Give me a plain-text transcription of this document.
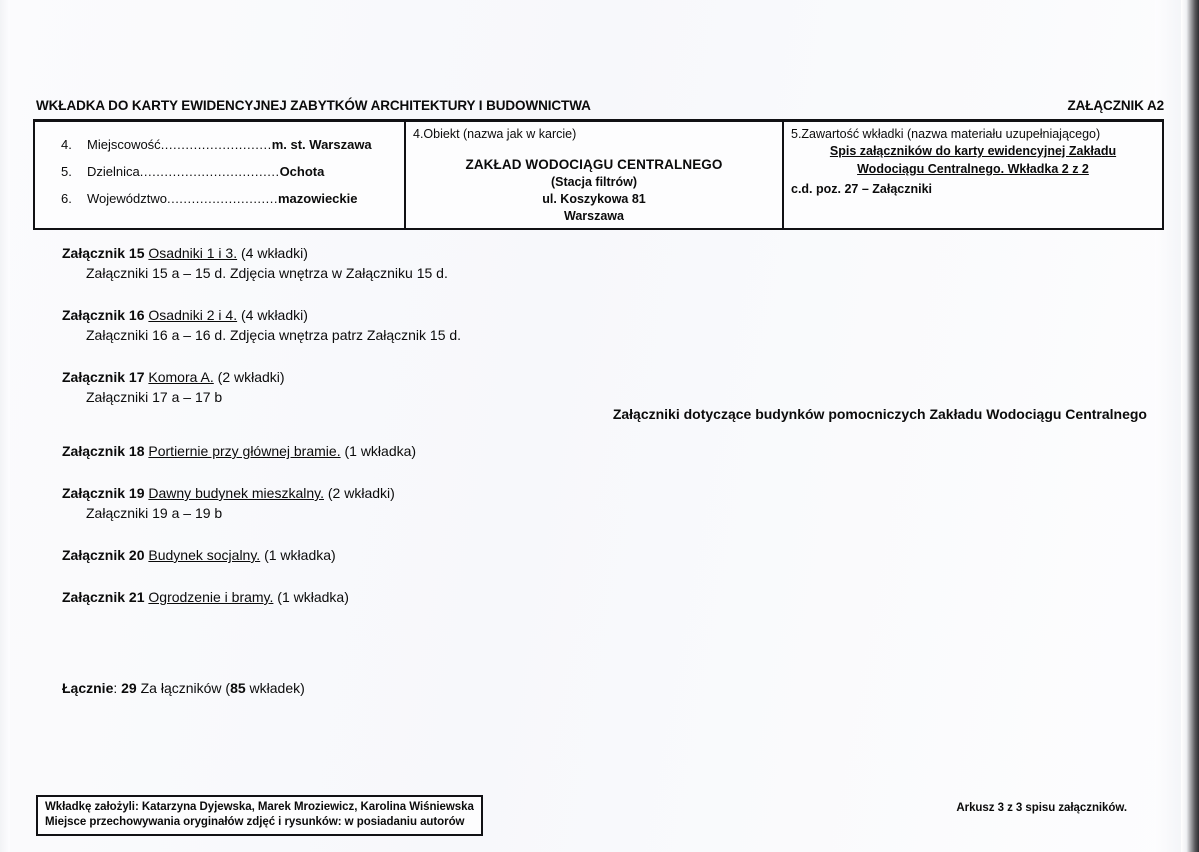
WKŁADKA DO KARTY EWIDENCYJNEJ ZABYTKÓW ARCHITEKTURY I BUDOWNICTWA	ZAŁĄCZNIK A2
4.	Miejscowość ........................... m. st. Warszawa
5.	Dzielnica .................................. Ochota
6.	Województwo ........................... mazowieckie
4.Obiekt (nazwa jak w karcie)
ZAKŁAD WODOCIĄGU CENTRALNEGO
(Stacja filtrów)
ul. Koszykowa 81
Warszawa
5.Zawartość wkładki (nazwa materiału uzupełniającego)
Spis załączników do karty ewidencyjnej Zakładu
Wodociągu Centralnego. Wkładka 2 z 2
c.d. poz. 27 – Załączniki
Załącznik 15 Osadniki 1 i 3. (4 wkładki)
Załączniki 15 a – 15 d. Zdjęcia wnętrza w Załączniku 15 d.
Załącznik 16 Osadniki 2 i 4. (4 wkładki)
Załączniki 16 a – 16 d. Zdjęcia wnętrza patrz Załącznik 15 d.
Załącznik 17 Komora A. (2 wkładki)
Załączniki 17 a – 17 b
Załączniki dotyczące budynków pomocniczych Zakładu Wodociągu Centralnego
Załącznik 18 Portiernie przy głównej bramie. (1 wkładka)
Załącznik 19 Dawny budynek mieszkalny. (2 wkładki)
Załączniki 19 a – 19 b
Załącznik 20 Budynek socjalny. (1 wkładka)
Załącznik 21 Ogrodzenie i bramy. (1 wkładka)
Łącznie: 29 Za łączników (85 wkładek)
Wkładkę założyli: Katarzyna Dyjewska, Marek Mroziewicz, Karolina Wiśniewska
Miejsce przechowywania oryginałów zdjęć i rysunków: w posiadaniu autorów
Arkusz 3 z 3 spisu załączników.
